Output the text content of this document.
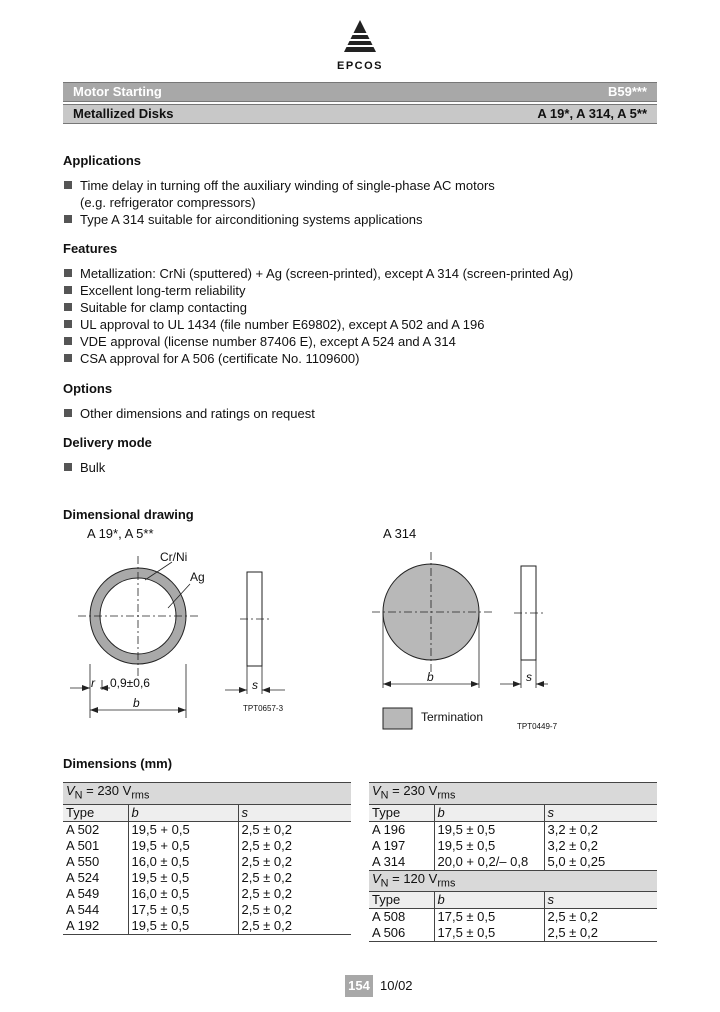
EPCOS
Motor Starting	B59***
Metallized Disks	A 19*, A 314, A 5**
Applications
Time delay in turning off the auxiliary winding of single-phase AC motors
(e.g. refrigerator compressors)
Type A 314 suitable for airconditioning systems applications
Features
Metallization: CrNi (sputtered) + Ag (screen-printed), except A 314 (screen-printed Ag)
Excellent long-term reliability
Suitable for clamp contacting
UL approval to UL 1434 (file number E69802), except A 502 and A 196
VDE approval (license number 87406 E), except A 524 and A 314
CSA approval for A 506 (certificate No. 1109600)
Options
Other dimensions and ratings on request
Delivery mode
Bulk
Dimensional drawing
A 19*, A 5**	A 314
Cr/Ni
Ag
r 0,9±0,6
b
s
TPT0657-3
b	s
Termination
TPT0449-7
Dimensions (mm)
$V_N = 230$ $V_{rms}$
Type	b	s
A 502	19,5 + 0,5	2,5 ± 0,2
A 501	19,5 + 0,5	2,5 ± 0,2
A 550	16,0 ± 0,5	2,5 ± 0,2
A 524	19,5 ± 0,5	2,5 ± 0,2
A 549	16,0 ± 0,5	2,5 ± 0,2
A 544	17,5 ± 0,5	2,5 ± 0,2
A 192	19,5 ± 0,5	2,5 ± 0,2
$V_N = 230$ $V_{rms}$
Type	b	s
A 196	19,5 ± 0,5	3,2 ± 0,2
A 197	19,5 ± 0,5	3,2 ± 0,2
A 314	20,0 + 0,2/– 0,8	5,0 ± 0,25
$V_N = 120$ $V_{rms}$
Type	b	s
A 508	17,5 ± 0,5	2,5 ± 0,2
A 506	17,5 ± 0,5	2,5 ± 0,2
154 10/02
